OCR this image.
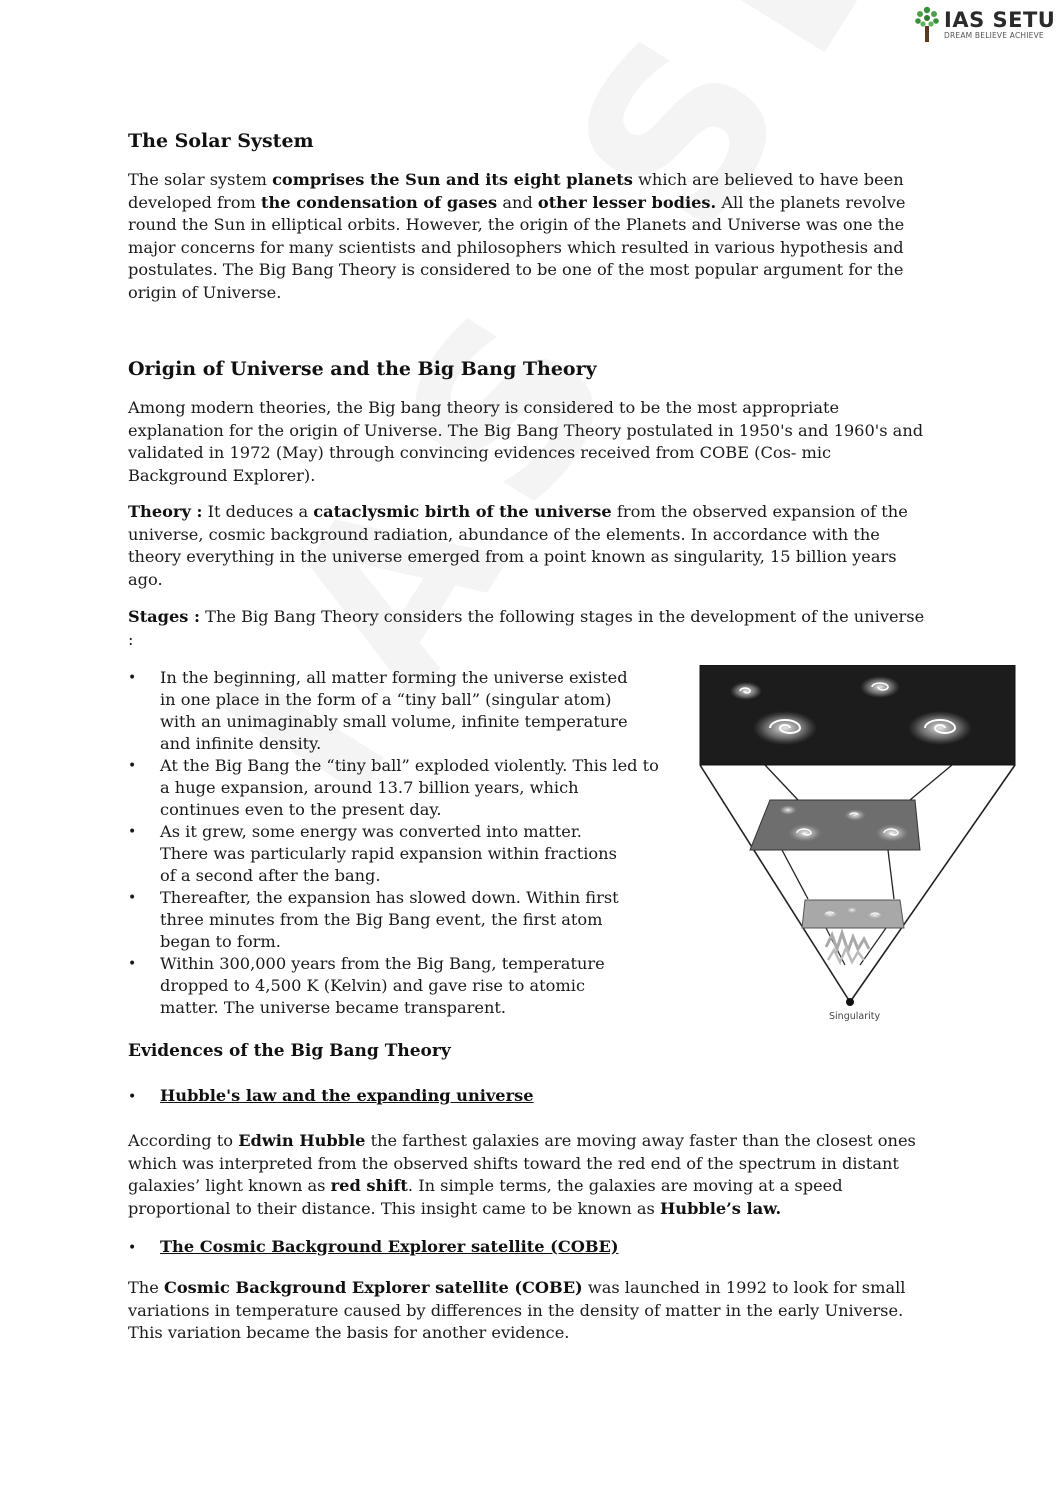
IAS SETU
DREAM BELIEVE ACHIEVE
The Solar System

The solar system comprises the Sun and its eight planets which are believed to have been developed from the condensation of gases and other lesser bodies. All the planets revolve round the Sun in elliptical orbits. However, the origin of the Planets and Universe was one the major concerns for many scientists and philosophers which resulted in various hypothesis and postulates. The Big Bang Theory is considered to be one of the most popular argument for the origin of Universe.

Origin of Universe and the Big Bang Theory

Among modern theories, the Big bang theory is considered to be the most appropriate explanation for the origin of Universe. The Big Bang Theory postulated in 1950's and 1960's and validated in 1972 (May) through convincing evidences received from COBE (Cos- mic Background Explorer).

Theory : It deduces a cataclysmic birth of the universe from the observed expansion of the universe, cosmic background radiation, abundance of the elements. In accordance with the theory everything in the universe emerged from a point known as singularity, 15 billion years ago.

Stages : The Big Bang Theory considers the following stages in the development of the universe :

• In the beginning, all matter forming the universe existed in one place in the form of a “tiny ball” (singular atom) with an unimaginably small volume, infinite temperature and infinite density.
• At the Big Bang the “tiny ball” exploded violently. This led to a huge expansion, around 13.7 billion years, which continues even to the present day.
• As it grew, some energy was converted into matter. There was particularly rapid expansion within fractions of a second after the bang.
• Thereafter, the expansion has slowed down. Within first three minutes from the Big Bang event, the first atom began to form.
• Within 300,000 years from the Big Bang, temperature dropped to 4,500 K (Kelvin) and gave rise to atomic matter. The universe became transparent.	Singularity
Evidences of the Big Bang Theory
• Hubble's law and the expanding universe

According to Edwin Hubble the farthest galaxies are moving away faster than the closest ones which was interpreted from the observed shifts toward the red end of the spectrum in distant galaxies’ light known as red shift. In simple terms, the galaxies are moving at a speed proportional to their distance. This insight came to be known as Hubble’s law.

• The Cosmic Background Explorer satellite (COBE)

The Cosmic Background Explorer satellite (COBE) was launched in 1992 to look for small variations in temperature caused by differences in the density of matter in the early Universe. This variation became the basis for another evidence.
